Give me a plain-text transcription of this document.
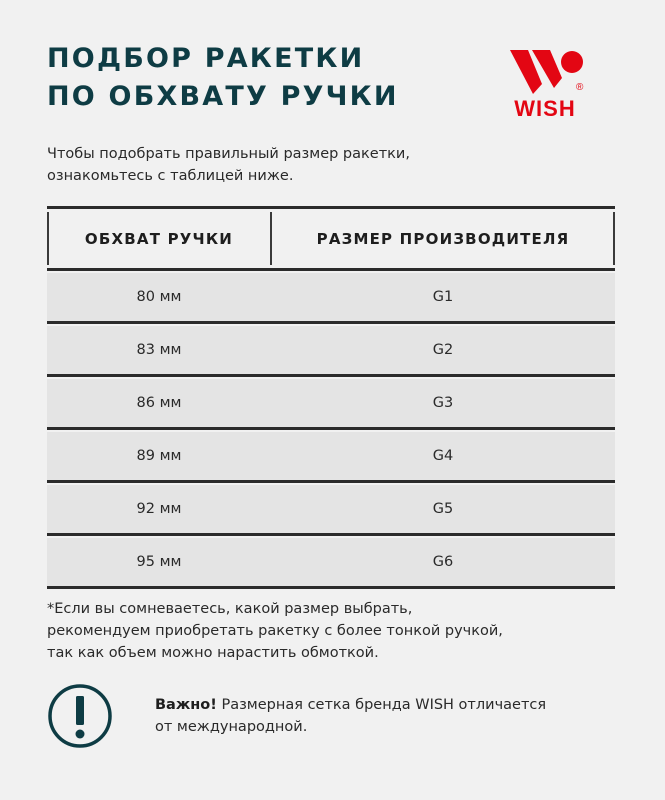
ПОДБОР РАКЕТКИ
ПО ОБХВАТУ РУЧКИ	®
WISH
Чтобы подобрать правильный размер ракетки,
ознакомьтесь с таблицей ниже.
ОБХВАТ РУЧКИ	РАЗМЕР ПРОИЗВОДИТЕЛЯ
80 мм	G1
83 мм	G2
86 мм	G3
89 мм	G4
92 мм	G5
95 мм	G6
*Если вы сомневаетесь, какой размер выбрать,
рекомендуем приобретать ракетку с более тонкой ручкой,
так как объем можно нарастить обмоткой.
Важно! Размерная сетка бренда WISH отличается
от международной.
